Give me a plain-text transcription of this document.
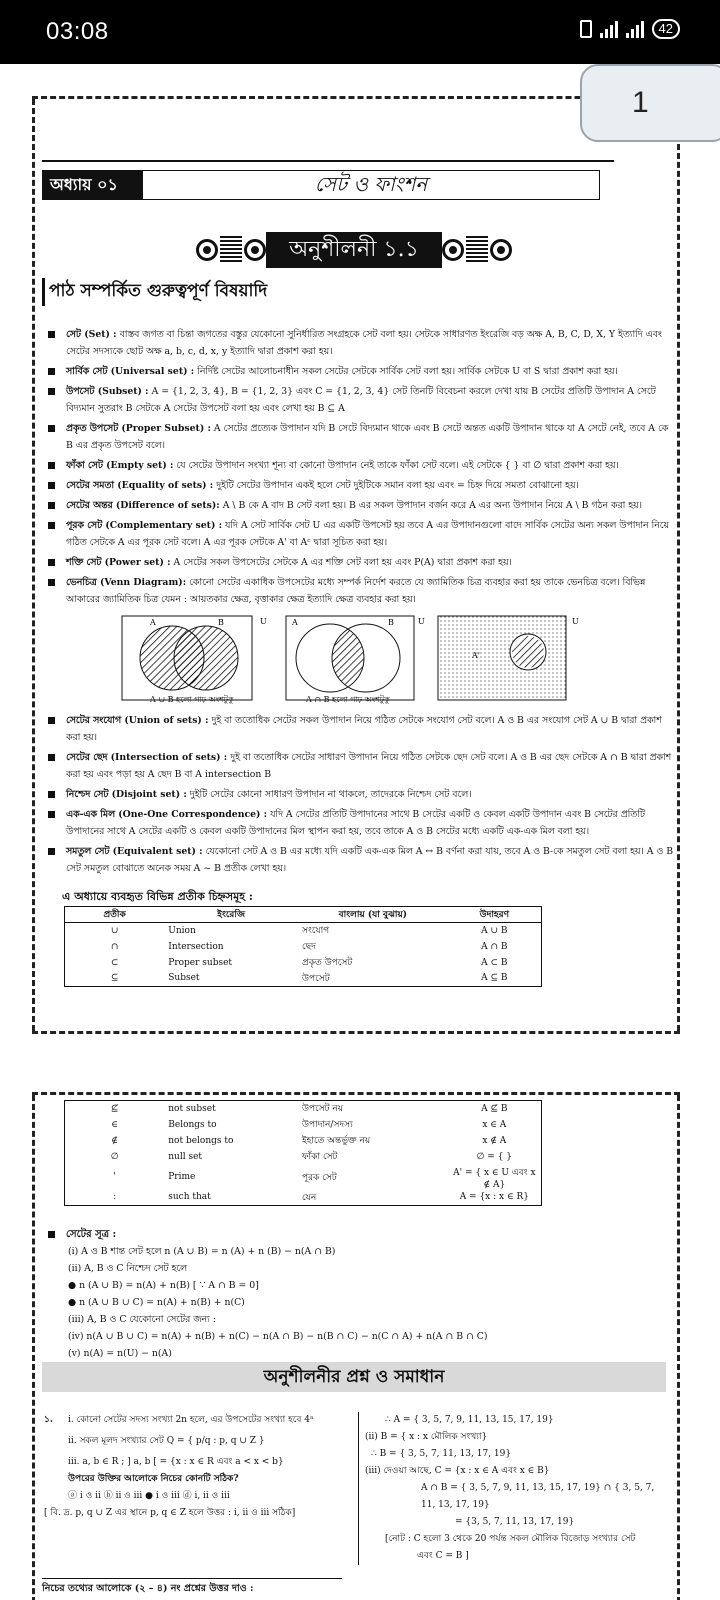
03:08	42
1
অধ্যায় ০১	সেট ও ফাংশন
অনুশীলনী ১.১
পাঠ সম্পর্কিত গুরুত্বপূর্ণ বিষয়াদি

সেট (Set) : বাস্তব জগত বা চিন্তা জগতের বস্তুর যেকোনো সুনির্ধারিত সংগ্রহকে সেট বলা হয়। সেটকে সাধারণত ইংরেজি বড় অক্ষ A, B, C, D, X, Y ইত্যাদি এবং সেটের সদস্যকে ছোট অক্ষ a, b, c, d, x, y ইত্যাদি দ্বারা প্রকাশ করা হয়।

সার্বিক সেট (Universal set) : নির্দিষ্ট সেটের আলোচনাধীন সকল সেটের সেটকে সার্বিক সেট বলা হয়। সার্বিক সেটকে U বা S দ্বারা প্রকাশ করা হয়।

উপসেট (Subset) : A = {1, 2, 3, 4}, B = {1, 2, 3} এবং C = {1, 2, 3, 4} সেট তিনটি বিবেচনা করলে দেখা যায় B সেটের প্রতিটি উপাদান A সেটে বিদ্যমান সুতরাং B সেটকে A সেটের উপসেট বলা হয় এবং লেখা হয় B ⊆ A

প্রকৃত উপসেট (Proper Subset) : A সেটের প্রত্যেক উপাদান যদি B সেটে বিদ্যমান থাকে এবং B সেটে অন্তত একটি উপাদান থাকে যা A সেটে নেই, তবে A কে B এর প্রকৃত উপসেট বলে।

ফাঁকা সেট (Empty set) : যে সেটের উপাদান সংখ্যা শূন্য বা কোনো উপাদান নেই তাকে ফাঁকা সেট বলে। এই সেটকে { } বা ∅ দ্বারা প্রকাশ করা হয়।

সেটের সমতা (Equality of sets) : দুইটি সেটের উপাদান একই হলে সেট দুইটিকে সমান বলা হয় এবং = চিহ্ন দিয়ে সমতা বোঝানো হয়।

সেটের অন্তর (Difference of sets): A \ B কে A বাদ B সেট বলা হয়। B এর সকল উপাদান বর্জন করে A এর অন্য উপাদান নিয়ে A \ B গঠন করা হয়।

পূরক সেট (Complementary set) : যদি A সেট সার্বিক সেট U এর একটি উপসেট হয় তবে A এর উপাদানগুলো বাদে সার্বিক সেটের অন্য সকল উপাদান নিয়ে গঠিত সেটকে A এর পূরক সেট বলে। A এর পূরক সেটকে A' বা Aᶜ দ্বারা সূচিত করা হয়।

শক্তি সেট (Power set) : A সেটের সকল উপসেটের সেটকে A এর শক্তি সেট বলা হয় এবং P(A) দ্বারা প্রকাশ করা হয়।

ভেনচিত্র (Venn Diagram): কোনো সেটের একাধিক উপসেটের মধ্যে সম্পর্ক নির্দেশ করতে যে জ্যামিতিক চিত্র ব্যবহার করা হয় তাকে ভেনচিত্র বলে। বিভিন্ন আকারের জ্যামিতিক চিত্র যেমন : আয়তকার ক্ষেত্র, বৃত্তাকার ক্ষেত্র ইত্যাদি ক্ষেত্র ব্যবহার করা হয়।

A	B	U	A	B	U
A'
U
A ∪ B হলো গাঢ় অংশটুকু	A ∩ B হলো গাঢ় অংশটুকু

সেটের সংযোগ (Union of sets) : দুই বা ততোধিক সেটের সকল উপাদান নিয়ে গঠিত সেটকে সংযোগ সেট বলে। A ও B এর সংযোগ সেট A ∪ B দ্বারা প্রকাশ করা হয়।

সেটের ছেদ (Intersection of sets) : দুই বা ততোধিক সেটের সাধারণ উপাদান নিয়ে গঠিত সেটকে ছেদ সেট বলে। A ও B এর ছেদ সেটকে A ∩ B দ্বারা প্রকাশ করা হয় এবং পড়া হয় A ছেদ B বা A intersection B

নিশ্চেদ সেট (Disjoint set) : দুইটি সেটের কোনো সাধারণ উপাদান না থাকলে, তাদেরকে নিশ্চেদ সেট বলে।

এক-এক মিল (One-One Correspondence) : যদি A সেটের প্রতিটি উপাদানের সাথে B সেটের একটি ও কেবল একটি উপাদান এবং B সেটের প্রতিটি উপাদানের সাথে A সেটের একটি ও কেবল একটি উপাদানের মিল স্থাপন করা হয়, তবে তাকে A ও B সেটের মধ্যে একটি এক-এক মিল বলা হয়।

সমতুল সেট (Equivalent set) : যেকোনো সেট A ও B এর মধ্যে যদি একটি এক-এক মিল A ↔ B বর্ণনা করা যায়, তবে A ও B-কে সমতুল সেট বলা হয়। A ও B সেট সমতুল বোঝাতে অনেক সময় A ~ B প্রতীক লেখা হয়।

এ অধ্যায়ে ব্যবহৃত বিভিন্ন প্রতীক চিহ্নসমূহ :
প্রতীক	ইংরেজি	বাংলায় (যা বুঝায়)	উদাহরণ
∪	Union	সংযোগ	A ∪ B
∩	Intersection	ছেদ	A ∩ B
⊂	Proper subset	প্রকৃত উপসেট	A ⊂ B
⊆	Subset	উপসেট	A ⊆ B
⊈	not subset	উপসেট নয়	A ⊈ B
∈	Belongs to	উপাদান/সদস্য	x ∈ A
∉	not belongs to	ইহাতে অন্তর্ভুক্ত নয়	x ∉ A
∅	null set	ফাঁকা সেট	∅ = { }
'	Prime	পূরক সেট	A' = { x ∈ U এবং x ∉ A}
:	such that	যেন	A = {x : x ∈ R}
সেটের সূত্র :

(i) A ও B শান্ত সেট হলে n (A ∪ B) = n (A) + n (B) − n(A ∩ B)

(ii) A, B ও C নিশ্চেদ সেট হলে

● n (A ∪ B) = n(A) + n(B) [ ∵ A ∩ B = 0]

● n (A ∪ B ∪ C) = n(A) + n(B) + n(C)

(iii) A, B ও C যেকোনো সেটের জন্য :

(iv) n(A ∪ B ∪ C) = n(A) + n(B) + n(C) − n(A ∩ B) − n(B ∩ C) − n(C ∩ A) + n(A ∩ B ∩ C)

(v) n(A) = n(U) − n(A)

অনুশীলনীর প্রশ্ন ও সমাধান
১.	i. কোনো সেটের সদস্য সংখ্যা 2n হলে, এর উপসেটের সংখ্যা হবে 4ⁿ

ii. সকল মূলদ সংখ্যার সেট Q = { p/q : p, q ∪ Z }

iii. a, b ∈ R ; ] a, b [ = {x : x ∈ R এবং a < x < b}

উপরের উক্তির আলোকে নিচের কোনটি সঠিক?

ⓐ i ও ii ⓑ ii ও iii ● i ও iii ⓓ i, ii ও iii

[ বি. দ্র. p, q ∪ Z এর স্থানে p, q ∈ Z হলে উত্তর : i, ii ও iii সঠিক]

∴ A = { 3, 5, 7, 9, 11, 13, 15, 17, 19}

(ii) B = { x : x মৌলিক সংখ্যা}

∴ B = { 3, 5, 7, 11, 13, 17, 19}

(iii) দেওয়া আছে, C = {x : x ∈ A এবং x ∈ B}

A ∩ B = { 3, 5, 7, 9, 11, 13, 15, 17, 19} ∩ { 3, 5, 7, 11, 13, 17, 19}

= {3, 5, 7, 11, 13, 17, 19}

[নোট : C হলো 3 থেকে 20 পর্যন্ত সকল মৌলিক বিজোড় সংখ্যার সেট

এবং C = B ]

নিচের তথ্যের আলোকে (২ – ৪) নং প্রশ্নের উত্তর দাও :
